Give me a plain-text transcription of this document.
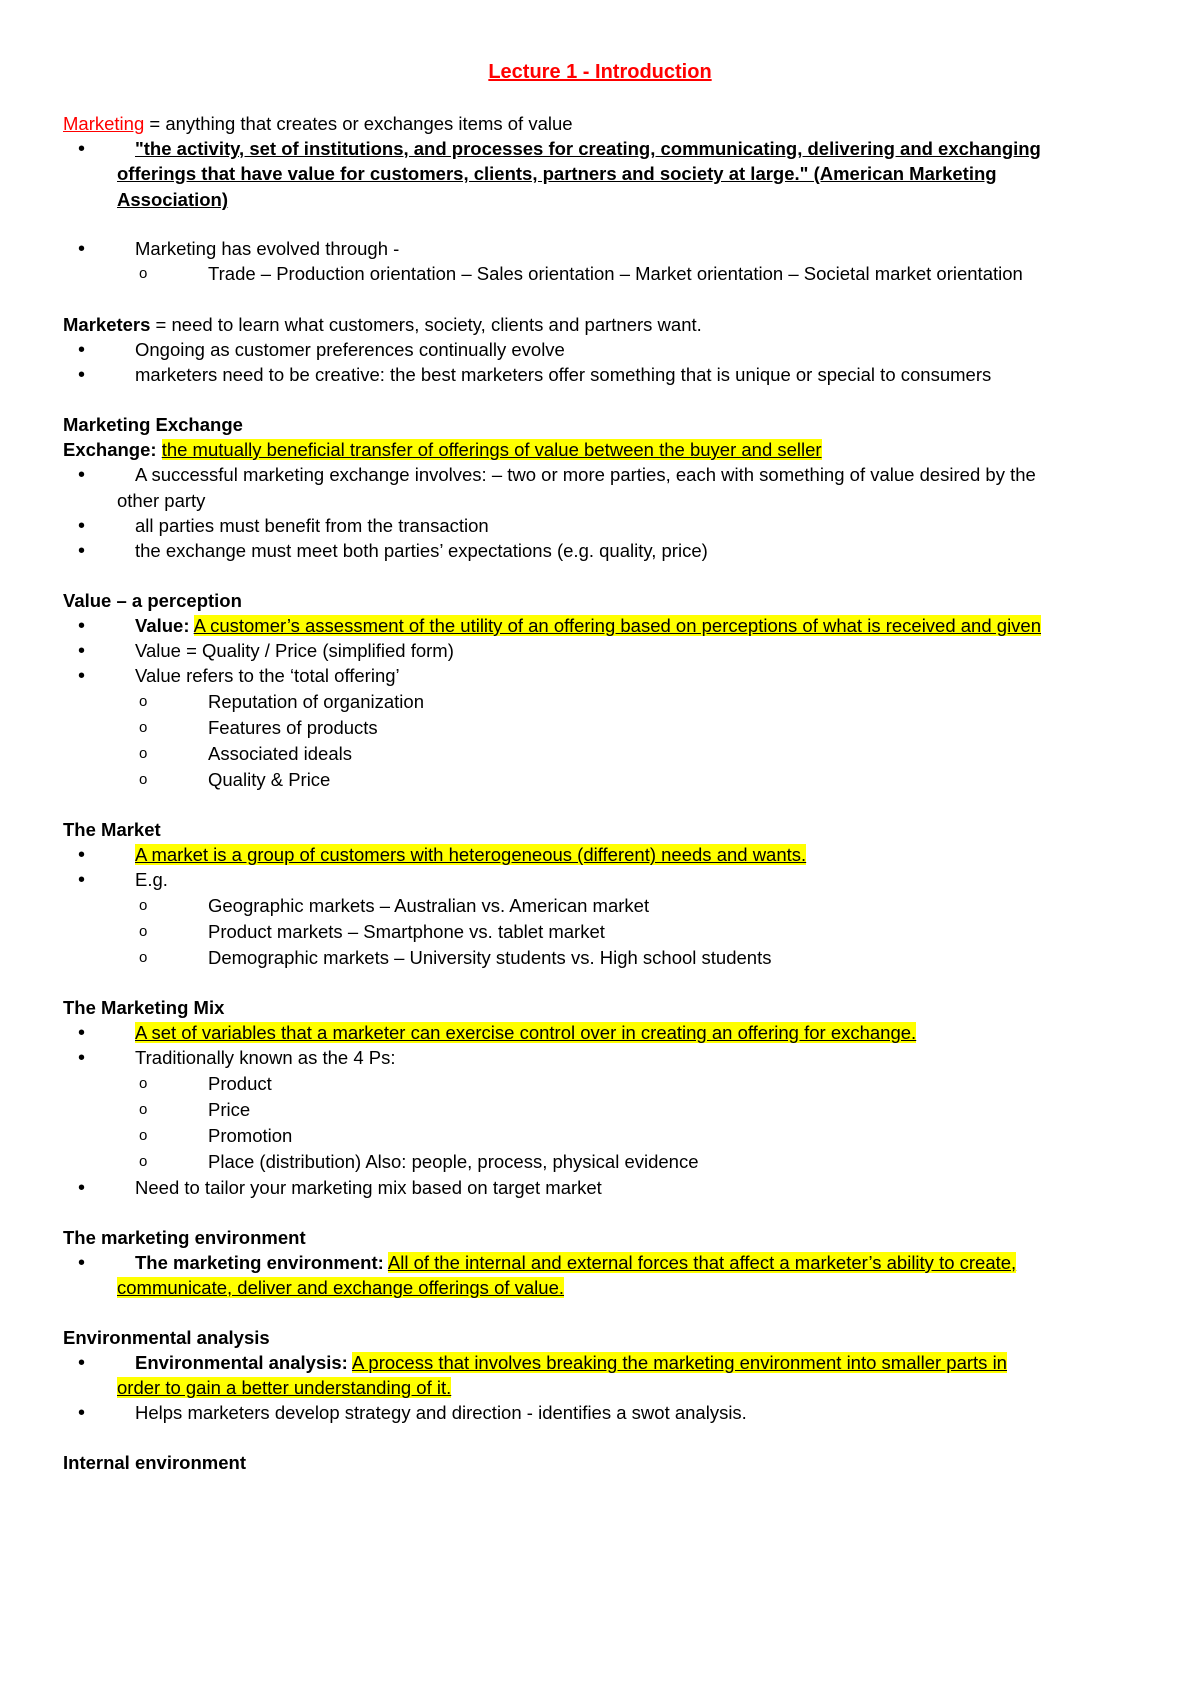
Lecture 1 - Introduction
Marketing = anything that creates or exchanges items of value
•	"the activity, set of institutions, and processes for creating, communicating, delivering and exchanging
offerings that have value for customers, clients, partners and society at large." (American Marketing
Association)
•	Marketing has evolved through -
o	Trade – Production orientation – Sales orientation – Market orientation – Societal market orientation
Marketers = need to learn what customers, society, clients and partners want.
•	Ongoing as customer preferences continually evolve
•	marketers need to be creative: the best marketers offer something that is unique or special to consumers
Marketing Exchange
Exchange: the mutually beneficial transfer of offerings of value between the buyer and seller
•	A successful marketing exchange involves: – two or more parties, each with something of value desired by the
other party
•	all parties must benefit from the transaction
•	the exchange must meet both parties’ expectations (e.g. quality, price)
Value – a perception
•	Value: A customer’s assessment of the utility of an offering based on perceptions of what is received and given
•	Value = Quality / Price (simplified form)
•	Value refers to the ‘total offering’
o	Reputation of organization
o	Features of products
o	Associated ideals
o	Quality & Price
The Market
•	A market is a group of customers with heterogeneous (different) needs and wants.
•	E.g.
o	Geographic markets – Australian vs. American market
o	Product markets – Smartphone vs. tablet market
o	Demographic markets – University students vs. High school students
The Marketing Mix
•	A set of variables that a marketer can exercise control over in creating an offering for exchange.
•	Traditionally known as the 4 Ps:
o	Product
o	Price
o	Promotion
o	Place (distribution) Also: people, process, physical evidence
•	Need to tailor your marketing mix based on target market
The marketing environment
•	The marketing environment: All of the internal and external forces that affect a marketer’s ability to create,
communicate, deliver and exchange offerings of value.
Environmental analysis
•	Environmental analysis: A process that involves breaking the marketing environment into smaller parts in
order to gain a better understanding of it.
•	Helps marketers develop strategy and direction - identifies a swot analysis.
Internal environment
